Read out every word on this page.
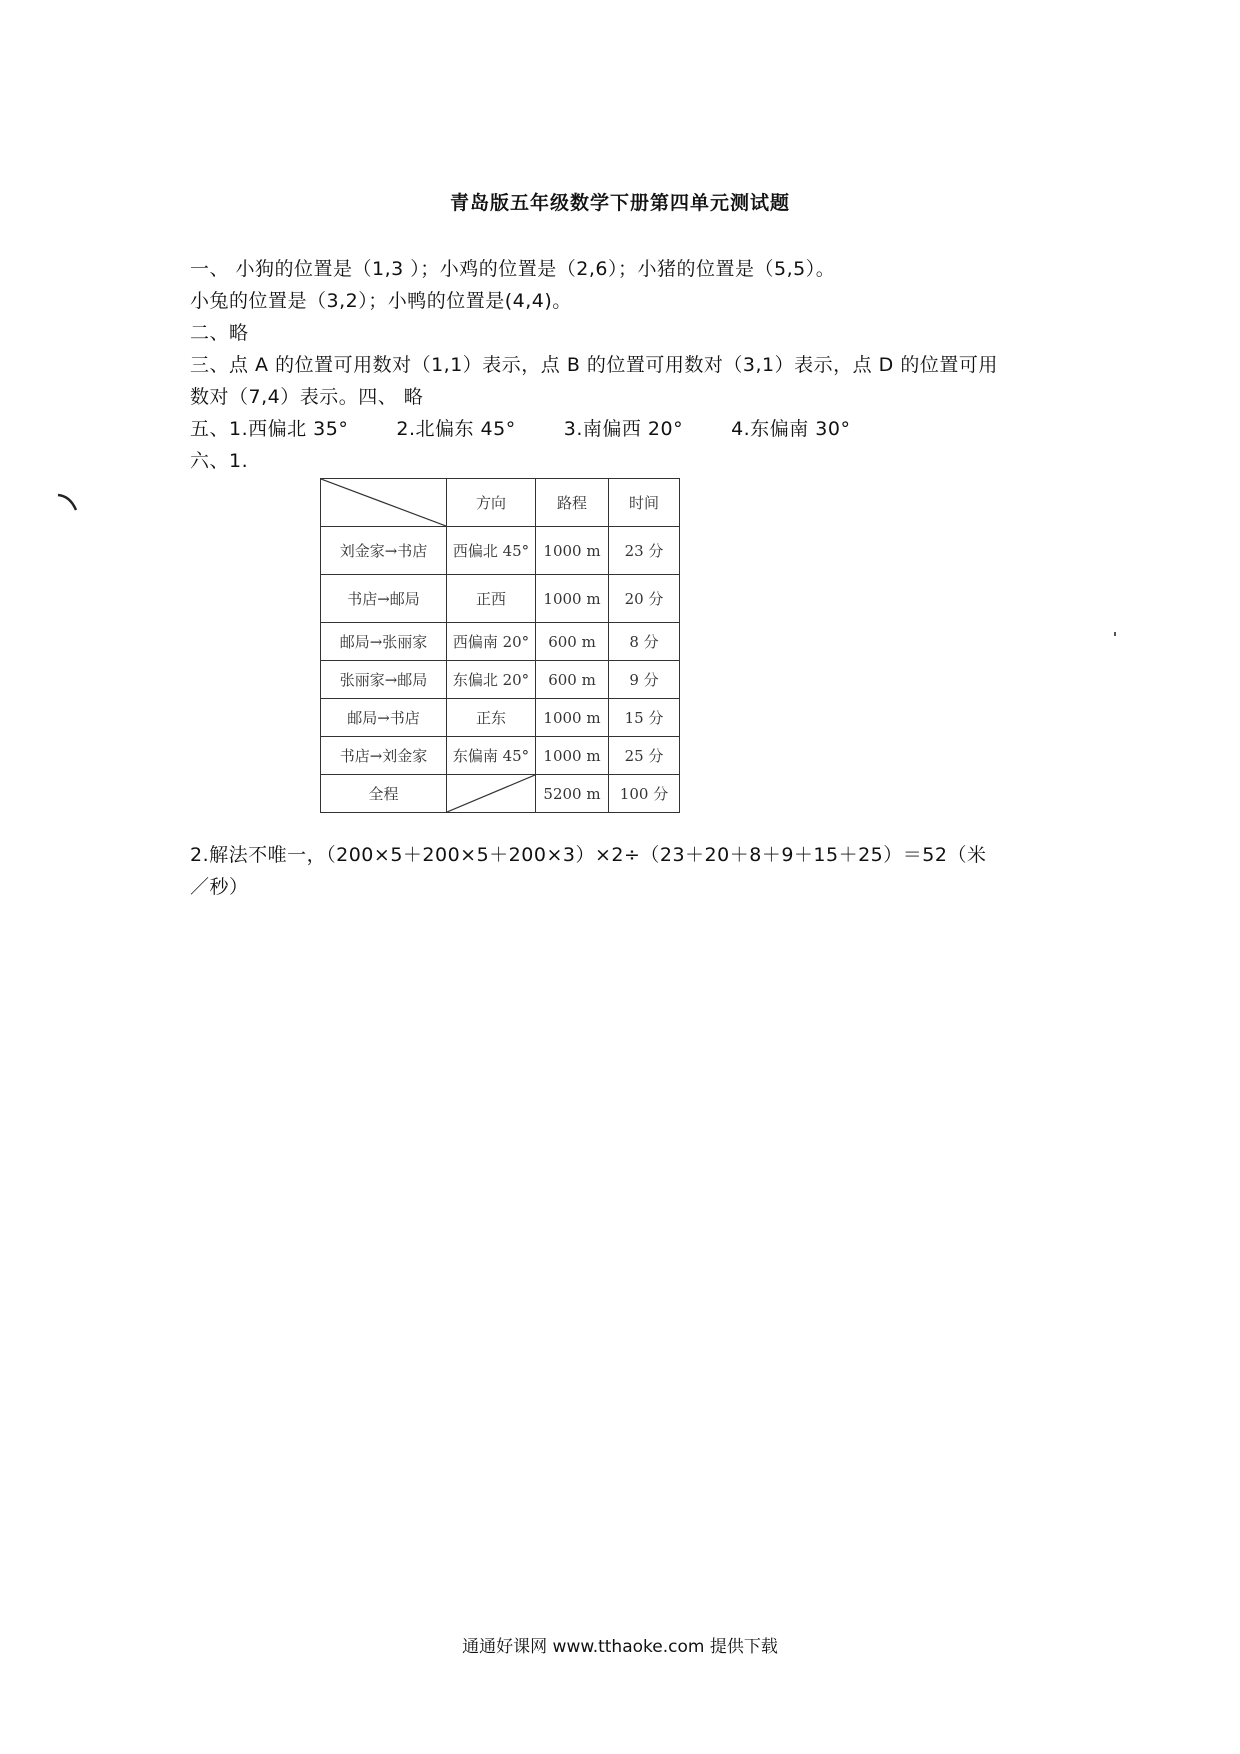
青岛版五年级数学下册第四单元测试题
一、 小狗的位置是（1,3 ）；小鸡的位置是（2,6）；小猪的位置是（5,5）。
小兔的位置是（3,2）；小鸭的位置是(4,4)。
二、略
三、点 A 的位置可用数对（1,1）表示，点 B 的位置可用数对（3,1）表示，点 D 的位置可用
数对（7,4）表示。四、 略
五、1.西偏北 35°	2.北偏东 45°	3.南偏西 20°	4.东偏南 30°
六、1.
	方向	路程	时间
刘金家→书店	西偏北 45°	1000 m	23 分
书店→邮局	正西	1000 m	20 分
邮局→张丽家	西偏南 20°	600 m	8 分
张丽家→邮局	东偏北 20°	600 m	9 分
邮局→书店	正东	1000 m	15 分
书店→刘金家	东偏南 45°	1000 m	25 分
全程		5200 m	100 分
2.解法不唯一，（200×5＋200×5＋200×3）×2÷（23＋20＋8＋9＋15＋25）＝52（米
／秒）
通通好课网 www.tthaoke.com 提供下载
